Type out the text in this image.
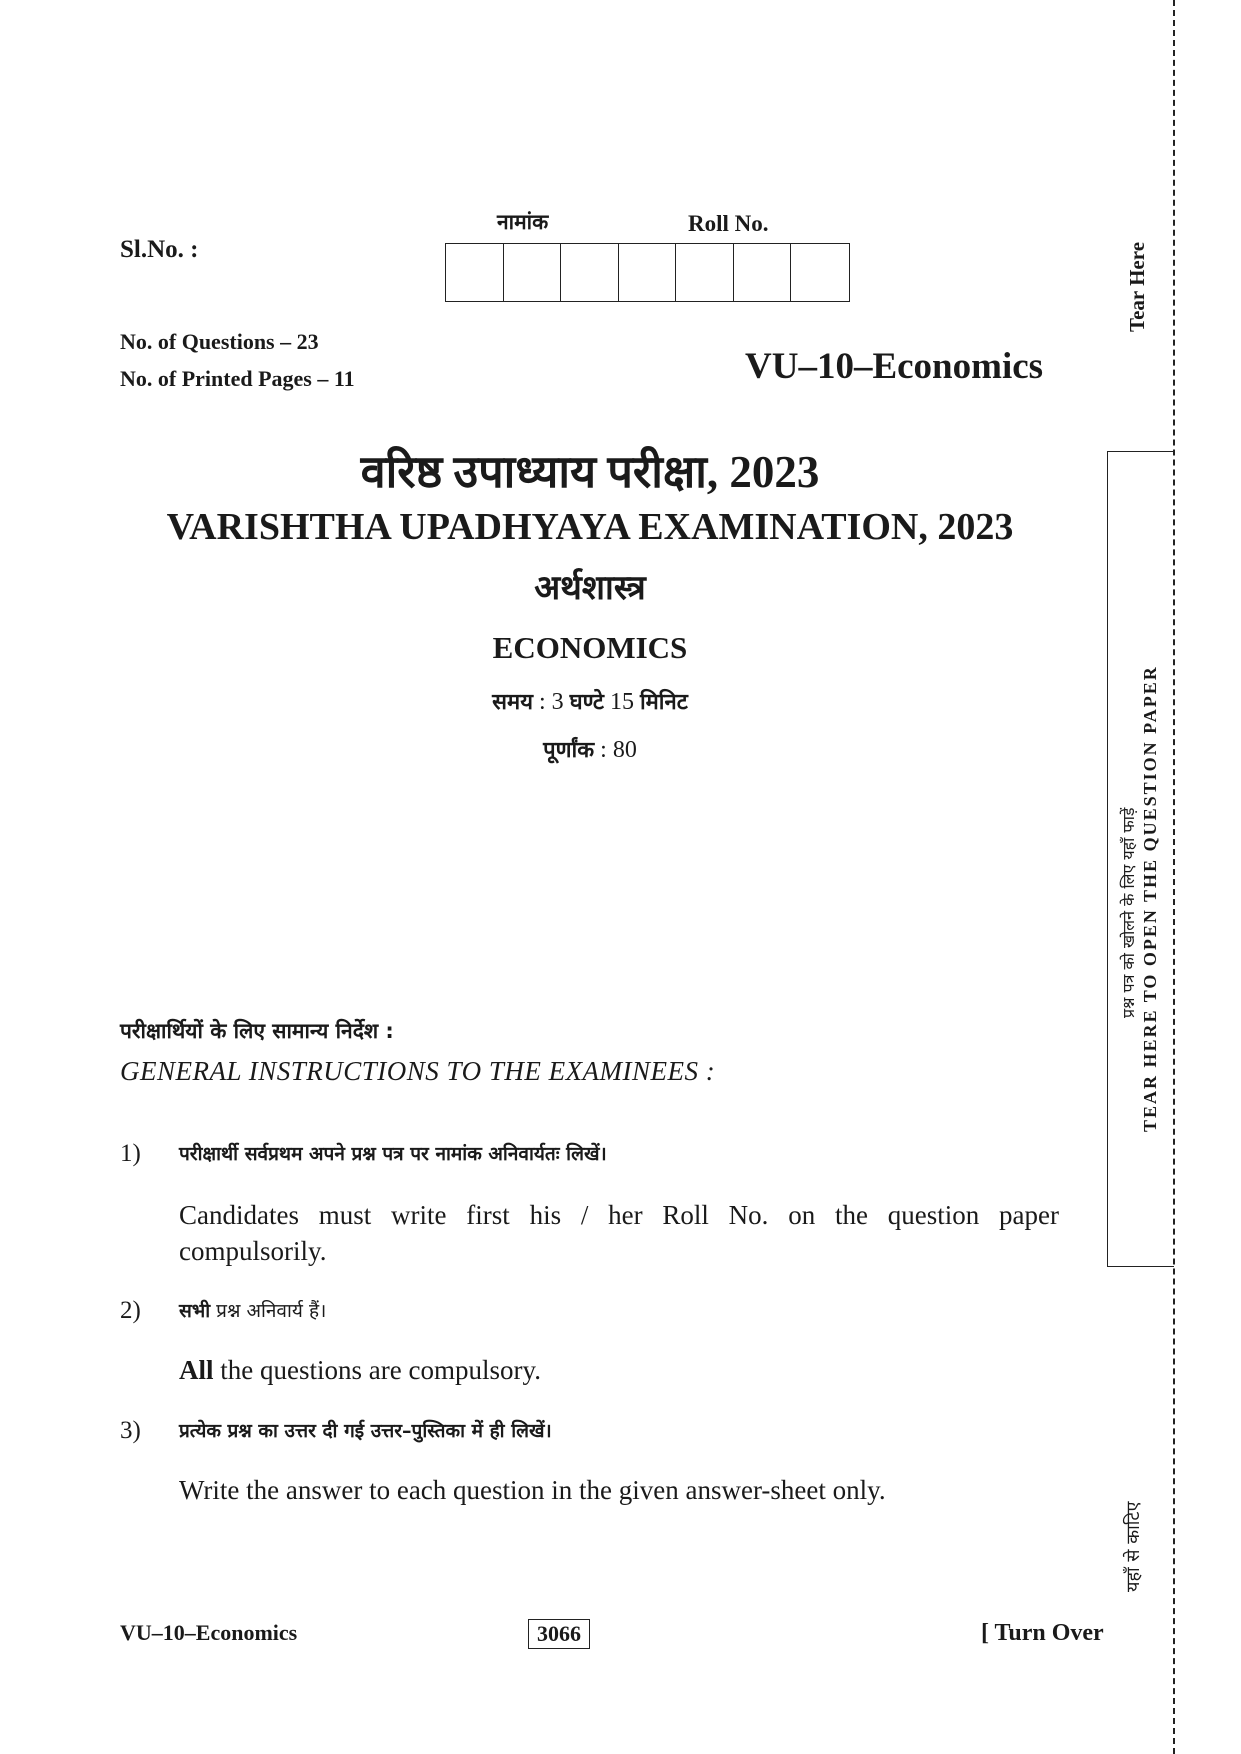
Sl.No. :
नामांक	Roll No.
No. of Questions – 23
No. of Printed Pages – 11	VU–10–Economics
वरिष्ठ उपाध्याय परीक्षा, 2023
VARISHTHA UPADHYAYA EXAMINATION, 2023
अर्थशास्त्र
ECONOMICS
समय : 3 घण्टे 15 मिनिट
पूर्णांक : 80
परीक्षार्थियों के लिए सामान्य निर्देश :
GENERAL INSTRUCTIONS TO THE EXAMINEES :
1) परीक्षार्थी सर्वप्रथम अपने प्रश्न पत्र पर नामांक अनिवार्यतः लिखें।
Candidates must write first his / her Roll No. on the question paper compulsorily.
2) सभी प्रश्न अनिवार्य हैं।
All the questions are compulsory.
3) प्रत्येक प्रश्न का उत्तर दी गई उत्तर–पुस्तिका में ही लिखें।
Write the answer to each question in the given answer-sheet only.
VU–10–Economics	3066	[ Turn Over
Tear Here
प्रश्न पत्र को खोलने के लिए यहाँ फाड़ें TEAR HERE TO OPEN THE QUESTION PAPER
यहाँ से काटिए
